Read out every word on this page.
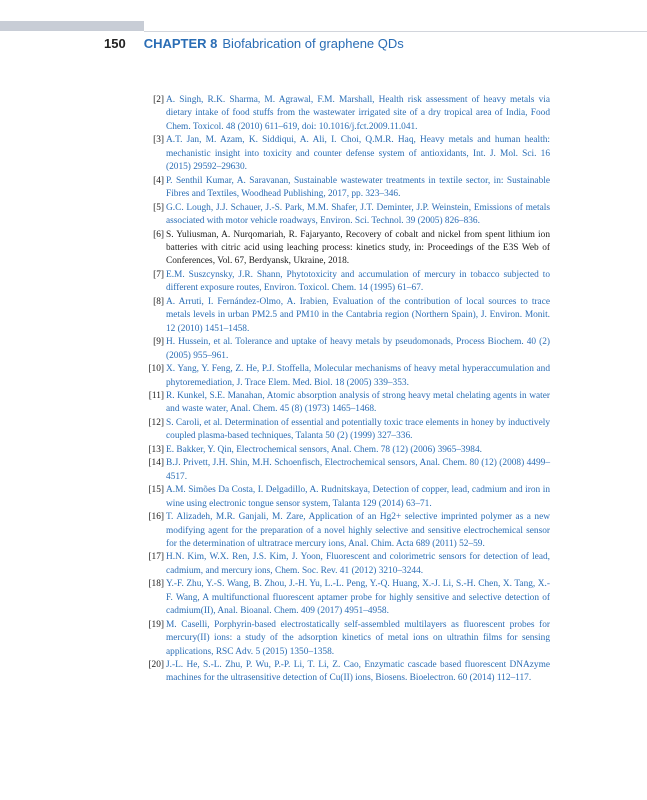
150 CHAPTER 8 Biofabrication of graphene QDs
[2] A. Singh, R.K. Sharma, M. Agrawal, F.M. Marshall, Health risk assessment of heavy metals via dietary intake of food stuffs from the wastewater irrigated site of a dry tropical area of India, Food Chem. Toxicol. 48 (2010) 611–619, doi: 10.1016/j.fct.2009.11.041.
[3] A.T. Jan, M. Azam, K. Siddiqui, A. Ali, I. Choi, Q.M.R. Haq, Heavy metals and human health: mechanistic insight into toxicity and counter defense system of antioxidants, Int. J. Mol. Sci. 16 (2015) 29592–29630.
[4] P. Senthil Kumar, A. Saravanan, Sustainable wastewater treatments in textile sector, in: Sustainable Fibres and Textiles, Woodhead Publishing, 2017, pp. 323–346.
[5] G.C. Lough, J.J. Schauer, J.-S. Park, M.M. Shafer, J.T. Deminter, J.P. Weinstein, Emissions of metals associated with motor vehicle roadways, Environ. Sci. Technol. 39 (2005) 826–836.
[6] S. Yuliusman, A. Nurqomariah, R. Fajaryanto, Recovery of cobalt and nickel from spent lithium ion batteries with citric acid using leaching process: kinetics study, in: Proceedings of the E3S Web of Conferences, Vol. 67, Berdyansk, Ukraine, 2018.
[7] E.M. Suszcynsky, J.R. Shann, Phytotoxicity and accumulation of mercury in tobacco subjected to different exposure routes, Environ. Toxicol. Chem. 14 (1995) 61–67.
[8] A. Arruti, I. Fernández-Olmo, A. Irabien, Evaluation of the contribution of local sources to trace metals levels in urban PM2.5 and PM10 in the Cantabria region (Northern Spain), J. Environ. Monit. 12 (2010) 1451–1458.
[9] H. Hussein, et al. Tolerance and uptake of heavy metals by pseudomonads, Process Biochem. 40 (2) (2005) 955–961.
[10] X. Yang, Y. Feng, Z. He, P.J. Stoffella, Molecular mechanisms of heavy metal hyperaccumulation and phytoremediation, J. Trace Elem. Med. Biol. 18 (2005) 339–353.
[11] R. Kunkel, S.E. Manahan, Atomic absorption analysis of strong heavy metal chelating agents in water and waste water, Anal. Chem. 45 (8) (1973) 1465–1468.
[12] S. Caroli, et al. Determination of essential and potentially toxic trace elements in honey by inductively coupled plasma-based techniques, Talanta 50 (2) (1999) 327–336.
[13] E. Bakker, Y. Qin, Electrochemical sensors, Anal. Chem. 78 (12) (2006) 3965–3984.
[14] B.J. Privett, J.H. Shin, M.H. Schoenfisch, Electrochemical sensors, Anal. Chem. 80 (12) (2008) 4499–4517.
[15] A.M. Simões Da Costa, I. Delgadillo, A. Rudnitskaya, Detection of copper, lead, cadmium and iron in wine using electronic tongue sensor system, Talanta 129 (2014) 63–71.
[16] T. Alizadeh, M.R. Ganjali, M. Zare, Application of an Hg2+ selective imprinted polymer as a new modifying agent for the preparation of a novel highly selective and sensitive electrochemical sensor for the determination of ultratrace mercury ions, Anal. Chim. Acta 689 (2011) 52–59.
[17] H.N. Kim, W.X. Ren, J.S. Kim, J. Yoon, Fluorescent and colorimetric sensors for detection of lead, cadmium, and mercury ions, Chem. Soc. Rev. 41 (2012) 3210–3244.
[18] Y.-F. Zhu, Y.-S. Wang, B. Zhou, J.-H. Yu, L.-L. Peng, Y.-Q. Huang, X.-J. Li, S.-H. Chen, X. Tang, X.-F. Wang, A multifunctional fluorescent aptamer probe for highly sensitive and selective detection of cadmium(II), Anal. Bioanal. Chem. 409 (2017) 4951–4958.
[19] M. Caselli, Porphyrin-based electrostatically self-assembled multilayers as fluorescent probes for mercury(II) ions: a study of the adsorption kinetics of metal ions on ultrathin films for sensing applications, RSC Adv. 5 (2015) 1350–1358.
[20] J.-L. He, S.-L. Zhu, P. Wu, P.-P. Li, T. Li, Z. Cao, Enzymatic cascade based fluorescent DNAzyme machines for the ultrasensitive detection of Cu(II) ions, Biosens. Bioelectron. 60 (2014) 112–117.
